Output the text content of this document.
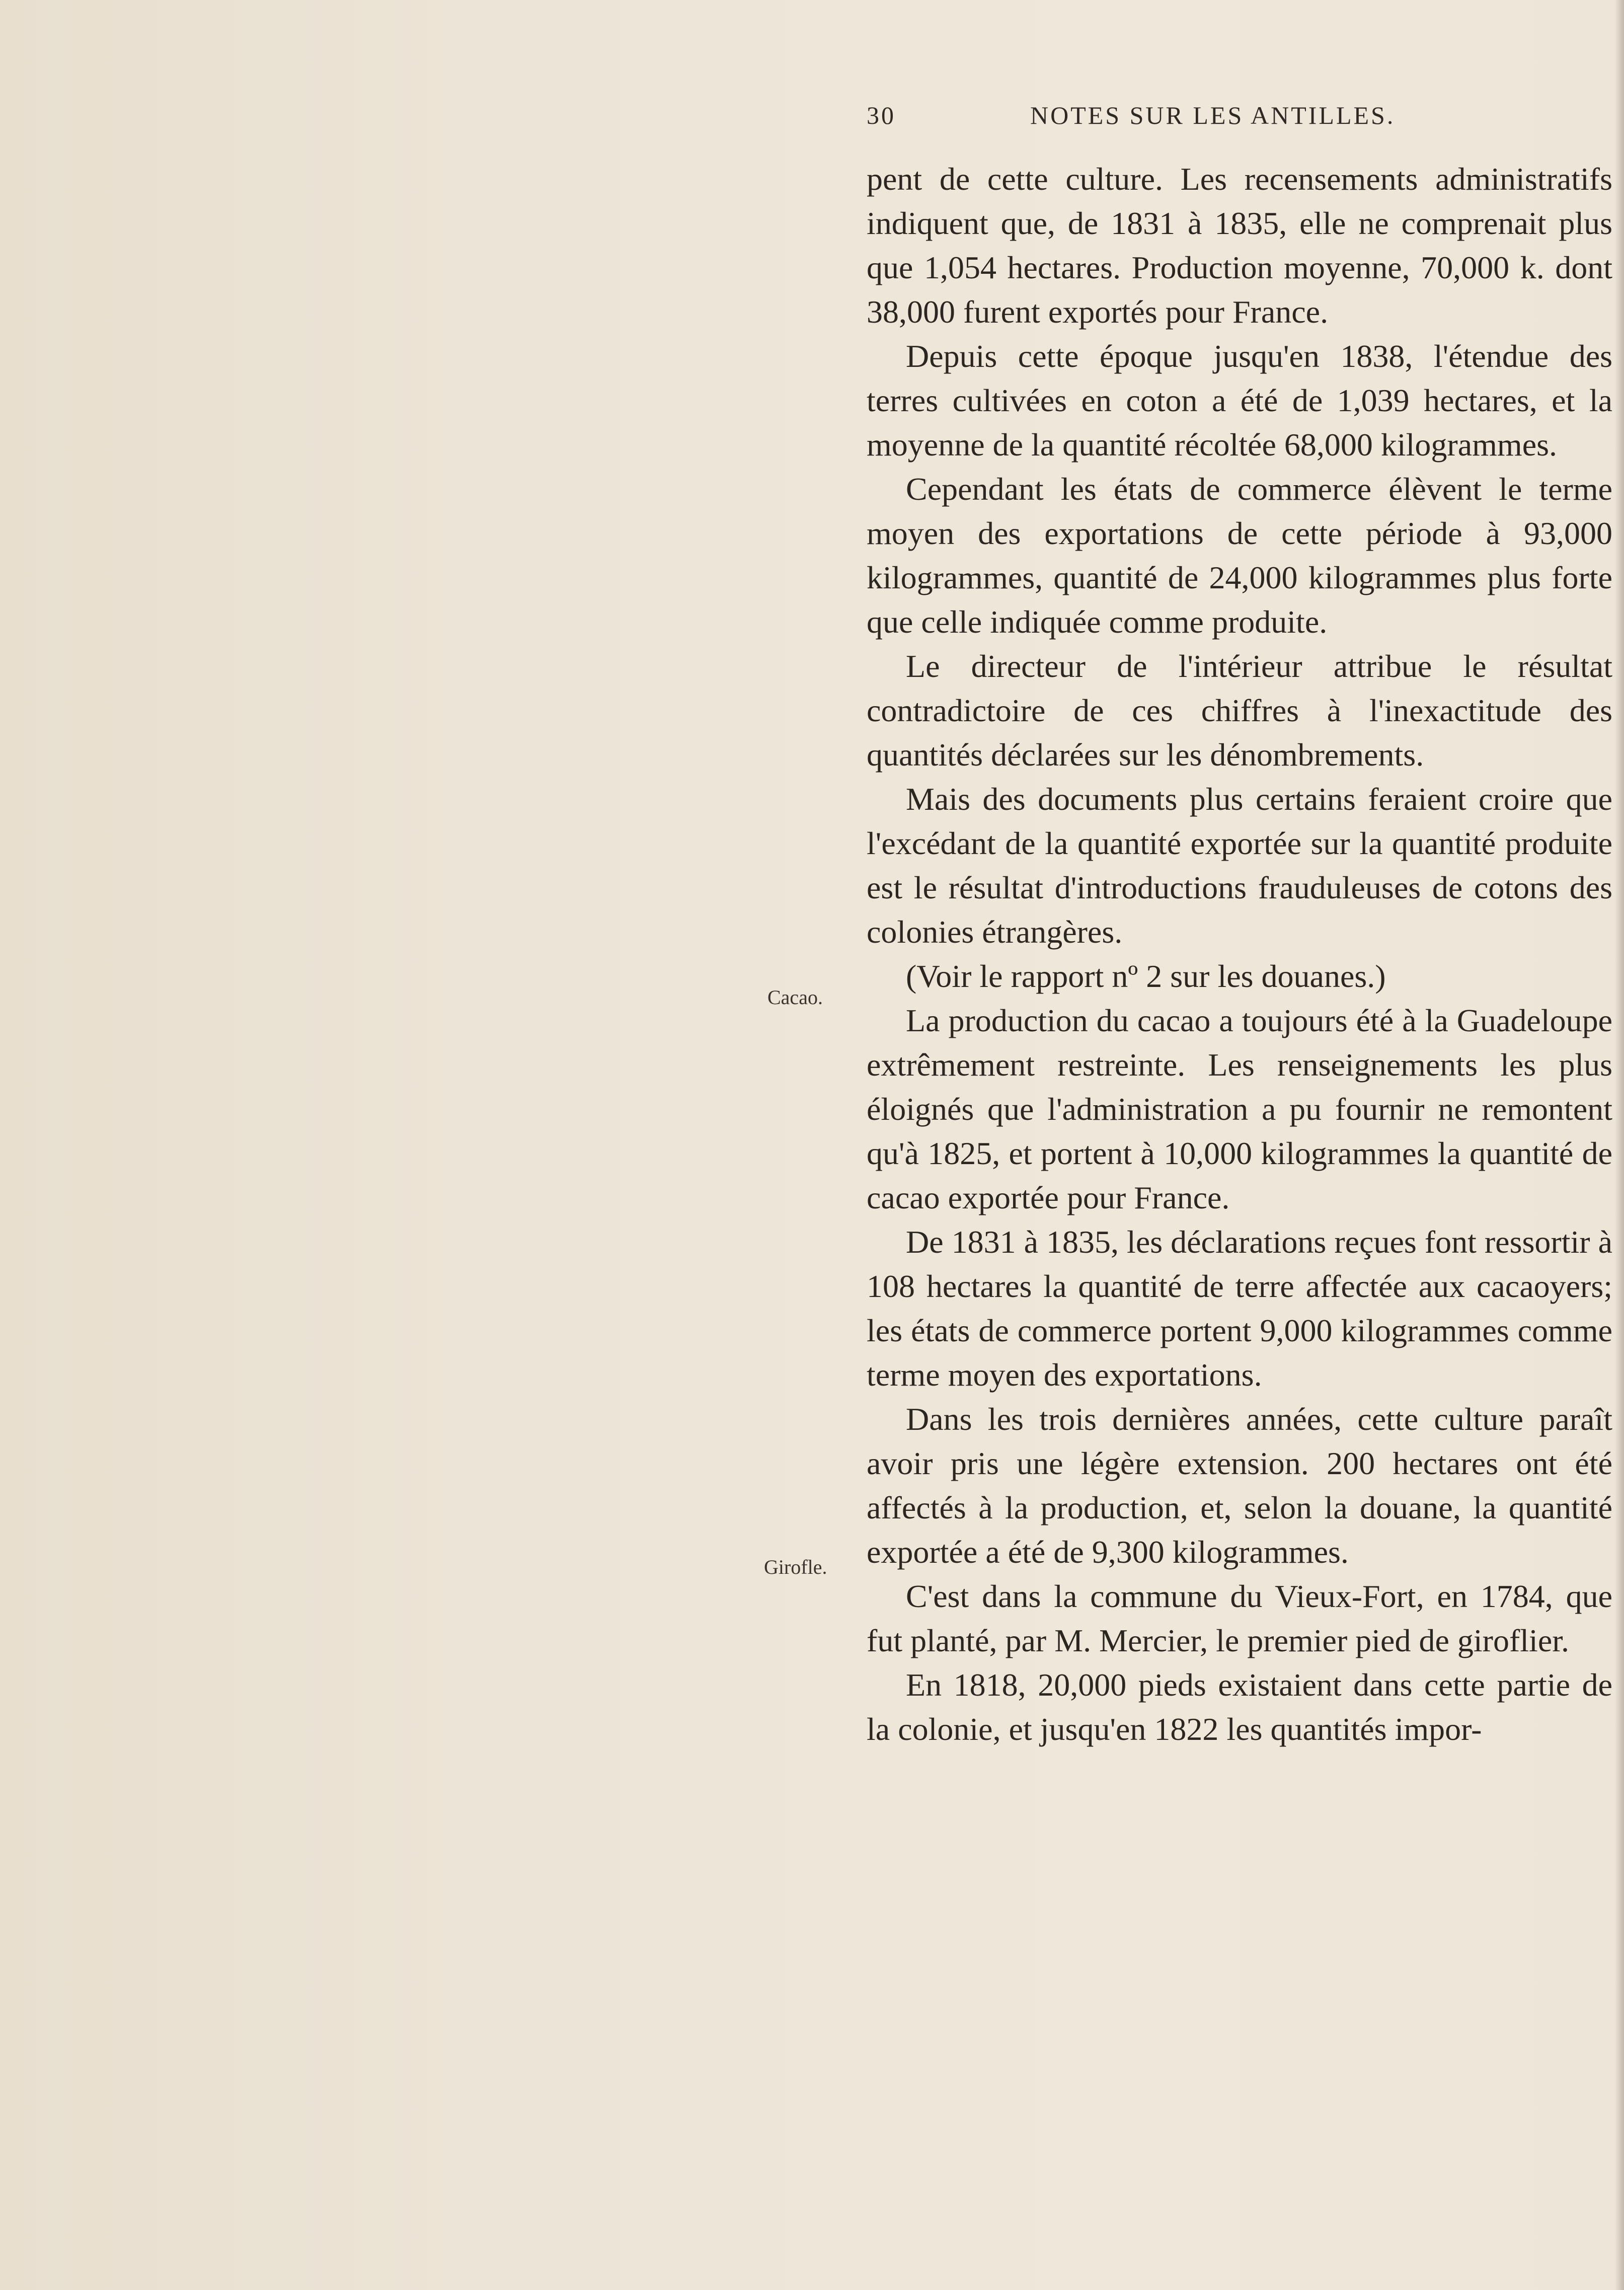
30	NOTES SUR LES ANTILLES.
Cacao.
Girofle.

pent de cette culture. Les recensements administratifs indiquent que, de 1831 à 1835, elle ne comprenait plus que 1,054 hectares. Production moyenne, 70,000 k. dont 38,000 furent exportés pour France.

Depuis cette époque jusqu'en 1838, l'étendue des terres cultivées en coton a été de 1,039 hectares, et la moyenne de la quantité récoltée 68,000 kilogrammes.

Cependant les états de commerce élèvent le terme moyen des exportations de cette période à 93,000 kilogrammes, quantité de 24,000 kilogrammes plus forte que celle indiquée comme produite.

Le directeur de l'intérieur attribue le résultat contradictoire de ces chiffres à l'inexactitude des quantités déclarées sur les dénombrements.

Mais des documents plus certains feraient croire que l'excédant de la quantité exportée sur la quantité produite est le résultat d'introductions frauduleuses de cotons des colonies étrangères.

(Voir le rapport nº 2 sur les douanes.)

La production du cacao a toujours été à la Guadeloupe extrêmement restreinte. Les renseignements les plus éloignés que l'administration a pu fournir ne remontent qu'à 1825, et portent à 10,000 kilogrammes la quantité de cacao exportée pour France.

De 1831 à 1835, les déclarations reçues font ressortir à 108 hectares la quantité de terre affectée aux cacaoyers; les états de commerce portent 9,000 kilogrammes comme terme moyen des exportations.

Dans les trois dernières années, cette culture paraît avoir pris une légère extension. 200 hectares ont été affectés à la production, et, selon la douane, la quantité exportée a été de 9,300 kilogrammes.

C'est dans la commune du Vieux-Fort, en 1784, que fut planté, par M. Mercier, le premier pied de giroflier.

En 1818, 20,000 pieds existaient dans cette partie de la colonie, et jusqu'en 1822 les quantités impor-
